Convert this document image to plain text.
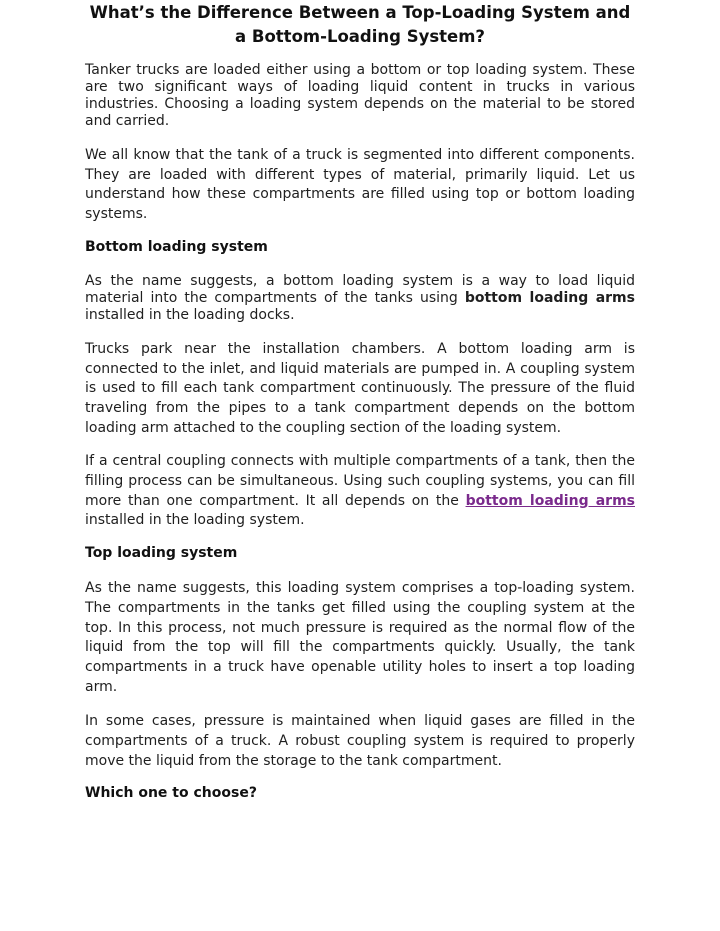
What’s the Difference Between a Top-Loading System and
a Bottom-Loading System?

Tanker trucks are loaded either using a bottom or top loading system. These are two significant ways of loading liquid content in trucks in various industries. Choosing a loading system depends on the material to be stored and carried.

We all know that the tank of a truck is segmented into different components. They are loaded with different types of material, primarily liquid. Let us understand how these compartments are filled using top or bottom loading systems.

Bottom loading system

As the name suggests, a bottom loading system is a way to load liquid material into the compartments of the tanks using bottom loading arms installed in the loading docks.

Trucks park near the installation chambers. A bottom loading arm is connected to the inlet, and liquid materials are pumped in. A coupling system is used to fill each tank compartment continuously. The pressure of the fluid traveling from the pipes to a tank compartment depends on the bottom loading arm attached to the coupling section of the loading system.

If a central coupling connects with multiple compartments of a tank, then the filling process can be simultaneous. Using such coupling systems, you can fill more than one compartment. It all depends on the bottom loading arms installed in the loading system.

Top loading system

As the name suggests, this loading system comprises a top-loading system. The compartments in the tanks get filled using the coupling system at the top. In this process, not much pressure is required as the normal flow of the liquid from the top will fill the compartments quickly. Usually, the tank compartments in a truck have openable utility holes to insert a top loading arm.

In some cases, pressure is maintained when liquid gases are filled in the compartments of a truck. A robust coupling system is required to properly move the liquid from the storage to the tank compartment.

Which one to choose?
